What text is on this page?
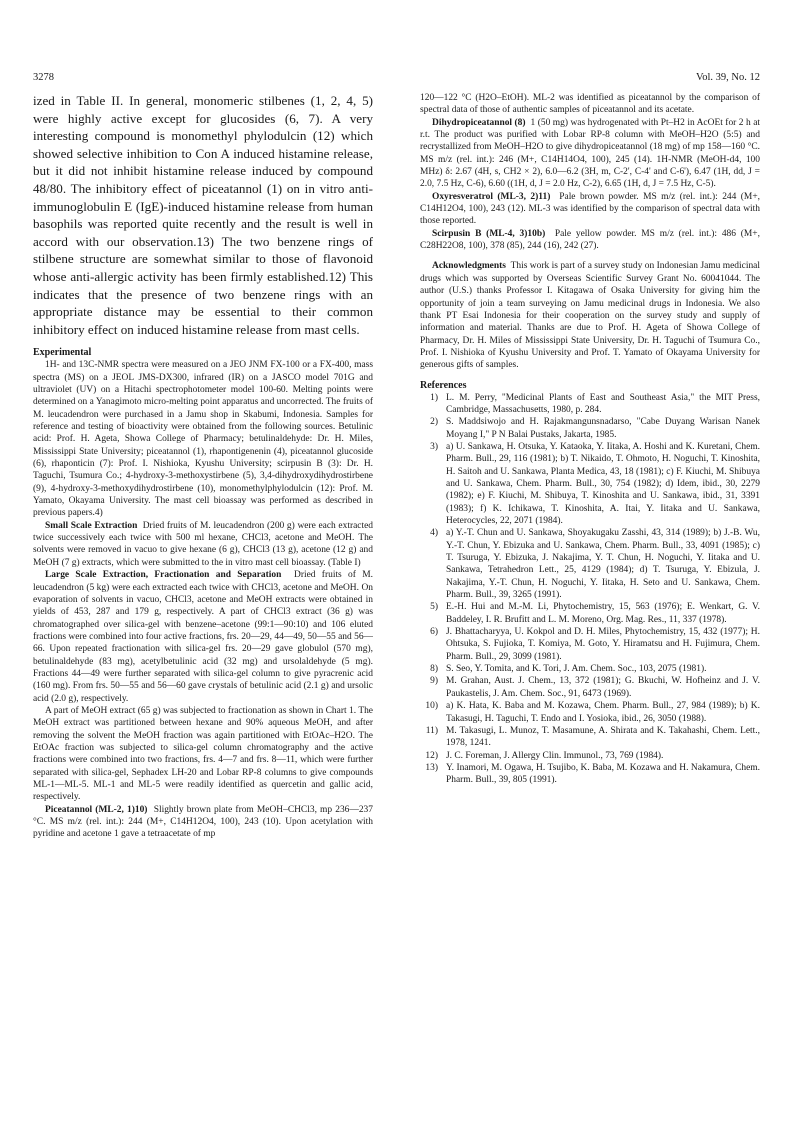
3278	Vol. 39, No. 12

ized in Table II. In general, monomeric stilbenes (1, 2, 4, 5) were highly active except for glucosides (6, 7). A very interesting compound is monomethyl phylodulcin (12) which showed selective inhibition to Con A induced histamine release, but it did not inhibit histamine release induced by compound 48/80. The inhibitory effect of piceatannol (1) on in vitro anti-immunoglobulin E (IgE)-induced histamine release from human basophils was reported quite recently and the result is well in accord with our observation.13) The two benzene rings of stilbene structure are somewhat similar to those of flavonoid whose anti-allergic activity has been firmly established.12) This indicates that the presence of two benzene rings with an appropriate distance may be essential to their common inhibitory effect on induced histamine release from mast cells.

Experimental

1H- and 13C-NMR spectra were measured on a JEO JNM FX-100 or a FX-400, mass spectra (MS) on a JEOL JMS-DX300, infrared (IR) on a JASCO model 701G and ultraviolet (UV) on a Hitachi spectrophotometer model 100-60. Melting points were determined on a Yanagimoto micro-melting point apparatus and uncorrected. The fruits of M. leucadendron were purchased in a Jamu shop in Skabumi, Indonesia. Samples for reference and testing of bioactivity were obtained from the following sources. Betulinic acid: Prof. H. Ageta, Showa College of Pharmacy; betulinaldehyde: Dr. H. Miles, Mississippi State University; piceatannol (1), rhapontigenenin (4), piceatannol glucoside (6), rhaponticin (7): Prof. I. Nishioka, Kyushu University; scirpusin B (3): Dr. H. Taguchi, Tsumura Co.; 4-hydroxy-3-methoxystirbene (5), 3,4-dihydroxydihydrostirbene (9), 4-hydroxy-3-methoxydihydrostirbene (10), monomethylphylodulcin (12): Prof. M. Yamato, Okayama University. The mast cell bioassay was performed as described in previous papers.4)

Small Scale Extraction Dried fruits of M. leucadendron (200 g) were each extracted twice successively each twice with 500 ml hexane, CHCl3, acetone and MeOH. The solvents were removed in vacuo to give hexane (6 g), CHCl3 (13 g), acetone (12 g) and MeOH (7 g) extracts, which were submitted to the in vitro mast cell bioassay. (Table I)

Large Scale Extraction, Fractionation and Separation Dried fruits of M. leucadendron (5 kg) were each extracted each twice with CHCl3, acetone and MeOH. On evaporation of solvents in vacuo, CHCl3, acetone and MeOH extracts were obtained in yields of 453, 287 and 179 g, respectively. A part of CHCl3 extract (36 g) was chromatographed over silica-gel with benzene–acetone (99:1—90:10) and 106 eluted fractions were combined into four active fractions, frs. 20—29, 44—49, 50—55 and 56—66. Upon repeated fractionation with silica-gel frs. 20—29 gave globulol (570 mg), betulinaldehyde (83 mg), acetylbetulinic acid (32 mg) and ursolaldehyde (5 mg). Fractions 44—49 were further separated with silica-gel column to give pyracrenic acid (160 mg). From frs. 50—55 and 56—60 gave crystals of betulinic acid (2.1 g) and ursolic acid (2.0 g), respectively.

A part of MeOH extract (65 g) was subjected to fractionation as shown in Chart 1. The MeOH extract was partitioned between hexane and 90% aqueous MeOH, and after removing the solvent the MeOH fraction was again partitioned with EtOAc–H2O. The EtOAc fraction was subjected to silica-gel column chromatography and the active fractions were combined into two fractions, frs. 4—7 and frs. 8—11, which were further separated with silica-gel, Sephadex LH-20 and Lobar RP-8 columns to give compounds ML-1—ML-5. ML-1 and ML-5 were readily identified as quercetin and gallic acid, respectively.

Piceatannol (ML-2, 1)10) Slightly brown plate from MeOH–CHCl3, mp 236—237 °C. MS m/z (rel. int.): 244 (M+, C14H12O4, 100), 243 (10). Upon acetylation with pyridine and acetone 1 gave a tetraacetate of mp

120—122 °C (H2O–EtOH). ML-2 was identified as piceatannol by the comparison of spectral data of those of authentic samples of piceatannol and its acetate.

Dihydropiceatannol (8) 1 (50 mg) was hydrogenated with Pt–H2 in AcOEt for 2 h at r.t. The product was purified with Lobar RP-8 column with MeOH–H2O (5:5) and recrystallized from MeOH–H2O to give dihydropiceatannol (18 mg) of mp 158—160 °C. MS m/z (rel. int.): 246 (M+, C14H14O4, 100), 245 (14). 1H-NMR (MeOH-d4, 100 MHz) δ: 2.67 (4H, s, CH2 × 2), 6.0—6.2 (3H, m, C-2', C-4' and C-6'), 6.47 (1H, dd, J = 2.0, 7.5 Hz, C-6), 6.60 ((1H, d, J = 2.0 Hz, C-2), 6.65 (1H, d, J = 7.5 Hz, C-5).

Oxyresveratrol (ML-3, 2)11) Pale brown powder. MS m/z (rel. int.): 244 (M+, C14H12O4, 100), 243 (12). ML-3 was identified by the comparison of spectral data with those reported.

Scirpusin B (ML-4, 3)10b) Pale yellow powder. MS m/z (rel. int.): 486 (M+, C28H22O8, 100), 378 (85), 244 (16), 242 (27).

Acknowledgments This work is part of a survey study on Indonesian Jamu medicinal drugs which was supported by Overseas Scientific Survey Grant No. 60041044. The author (U.S.) thanks Professor I. Kitagawa of Osaka University for giving him the opportunity of join a team surveying on Jamu medicinal drugs in Indonesia. We also thank PT Esai Indonesia for their cooperation on the survey study and supply of information and material. Thanks are due to Prof. H. Ageta of Showa College of Pharmacy, Dr. H. Miles of Mississippi State University, Dr. H. Taguchi of Tsumura Co., Prof. I. Nishioka of Kyushu University and Prof. T. Yamato of Okayama University for generous gifts of samples.

References
1) L. M. Perry, "Medicinal Plants of East and Southeast Asia," the MIT Press, Cambridge, Massachusetts, 1980, p. 284.
2) S. Maddsiwojo and H. Rajakmangunsnadarso, "Cabe Duyang Warisan Nanek Moyang I," P N Balai Pustaks, Jakarta, 1985.
3) a) U. Sankawa, H. Otsuka, Y. Kataoka, Y. Iitaka, A. Hoshi and K. Kuretani, Chem. Pharm. Bull., 29, 116 (1981); b) T. Nikaido, T. Ohmoto, H. Noguchi, T. Kinoshita, H. Saitoh and U. Sankawa, Planta Medica, 43, 18 (1981); c) F. Kiuchi, M. Shibuya and U. Sankawa, Chem. Pharm. Bull., 30, 754 (1982); d) Idem, ibid., 30, 2279 (1982); e) F. Kiuchi, M. Shibuya, T. Kinoshita and U. Sankawa, ibid., 31, 3391 (1983); f) K. Ichikawa, T. Kinoshita, A. Itai, Y. Iitaka and U. Sankawa, Heterocycles, 22, 2071 (1984).
4) a) Y.-T. Chun and U. Sankawa, Shoyakugaku Zasshi, 43, 314 (1989); b) J.-B. Wu, Y.-T. Chun, Y. Ebizuka and U. Sankawa, Chem. Pharm. Bull., 33, 4091 (1985); c) T. Tsuruga, Y. Ebizuka, J. Nakajima, Y. T. Chun, H. Noguchi, Y. Iitaka and U. Sankawa, Tetrahedron Lett., 25, 4129 (1984); d) T. Tsuruga, Y. Ebizula, J. Nakajima, Y.-T. Chun, H. Noguchi, Y. Iitaka, H. Seto and U. Sankawa, Chem. Pharm. Bull., 39, 3265 (1991).
5) E.-H. Hui and M.-M. Li, Phytochemistry, 15, 563 (1976); E. Wenkart, G. V. Baddeley, I. R. Brufitt and L. M. Moreno, Org. Mag. Res., 11, 337 (1978).
6) J. Bhattacharyya, U. Kokpol and D. H. Miles, Phytochemistry, 15, 432 (1977); H. Ohtsuka, S. Fujioka, T. Komiya, M. Goto, Y. Hiramatsu and H. Fujimura, Chem. Pharm. Bull., 29, 3099 (1981).
8) S. Seo, Y. Tomita, and K. Tori, J. Am. Chem. Soc., 103, 2075 (1981).
9) M. Grahan, Aust. J. Chem., 13, 372 (1981); G. Bkuchi, W. Hofheinz and J. V. Paukastelis, J. Am. Chem. Soc., 91, 6473 (1969).
10) a) K. Hata, K. Baba and M. Kozawa, Chem. Pharm. Bull., 27, 984 (1989); b) K. Takasugi, H. Taguchi, T. Endo and I. Yosioka, ibid., 26, 3050 (1988).
11) M. Takasugi, L. Munoz, T. Masamune, A. Shirata and K. Takahashi, Chem. Lett., 1978, 1241.
12) J. C. Foreman, J. Allergy Clin. Immunol., 73, 769 (1984).
13) Y. Inamori, M. Ogawa, H. Tsujibo, K. Baba, M. Kozawa and H. Nakamura, Chem. Pharm. Bull., 39, 805 (1991).
